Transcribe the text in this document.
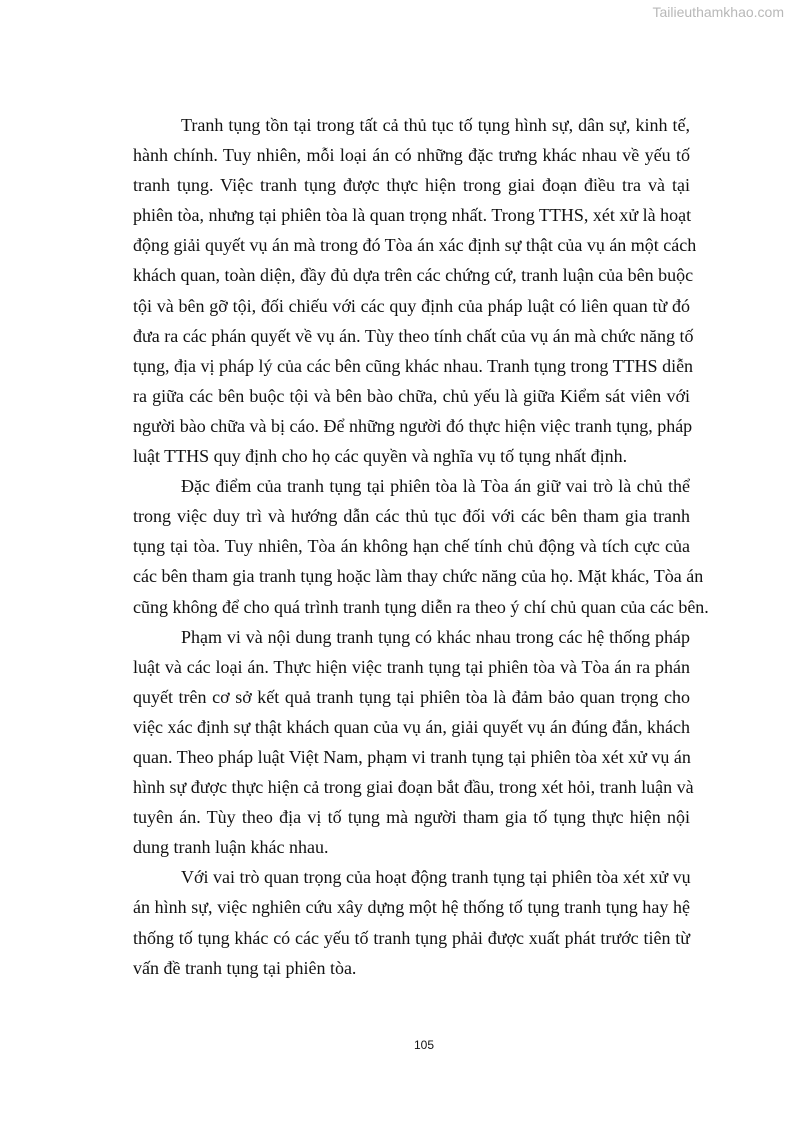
Tailieuthamkhao.com
Tranh tụng tồn tại trong tất cả thủ tục tố tụng hình sự, dân sự, kinh tế,
hành chính. Tuy nhiên, mỗi loại án có những đặc trưng khác nhau về yếu tố
tranh tụng. Việc tranh tụng được thực hiện trong giai đoạn điều tra và tại
phiên tòa, nhưng tại phiên tòa là quan trọng nhất. Trong TTHS, xét xử là hoạt
động giải quyết vụ án mà trong đó Tòa án xác định sự thật của vụ án một cách
khách quan, toàn diện, đầy đủ dựa trên các chứng cứ, tranh luận của bên buộc
tội và bên gỡ tội, đối chiếu với các quy định của pháp luật có liên quan từ đó
đưa ra các phán quyết về vụ án. Tùy theo tính chất của vụ án mà chức năng tố
tụng, địa vị pháp lý của các bên cũng khác nhau. Tranh tụng trong TTHS diễn
ra giữa các bên buộc tội và bên bào chữa, chủ yếu là giữa Kiểm sát viên với
người bào chữa và bị cáo. Để những người đó thực hiện việc tranh tụng, pháp
luật TTHS quy định cho họ các quyền và nghĩa vụ tố tụng nhất định.
Đặc điểm của tranh tụng tại phiên tòa là Tòa án giữ vai trò là chủ thể
trong việc duy trì và hướng dẫn các thủ tục đối với các bên tham gia tranh
tụng tại tòa. Tuy nhiên, Tòa án không hạn chế tính chủ động và tích cực của
các bên tham gia tranh tụng hoặc làm thay chức năng của họ. Mặt khác, Tòa án
cũng không để cho quá trình tranh tụng diễn ra theo ý chí chủ quan của các bên.
Phạm vi và nội dung tranh tụng có khác nhau trong các hệ thống pháp
luật và các loại án. Thực hiện việc tranh tụng tại phiên tòa và Tòa án ra phán
quyết trên cơ sở kết quả tranh tụng tại phiên tòa là đảm bảo quan trọng cho
việc xác định sự thật khách quan của vụ án, giải quyết vụ án đúng đắn, khách
quan. Theo pháp luật Việt Nam, phạm vi tranh tụng tại phiên tòa xét xử vụ án
hình sự được thực hiện cả trong giai đoạn bắt đầu, trong xét hỏi, tranh luận và
tuyên án. Tùy theo địa vị tố tụng mà người tham gia tố tụng thực hiện nội
dung tranh luận khác nhau.
Với vai trò quan trọng của hoạt động tranh tụng tại phiên tòa xét xử vụ
án hình sự, việc nghiên cứu xây dựng một hệ thống tố tụng tranh tụng hay hệ
thống tố tụng khác có các yếu tố tranh tụng phải được xuất phát trước tiên từ
vấn đề tranh tụng tại phiên tòa.
105
